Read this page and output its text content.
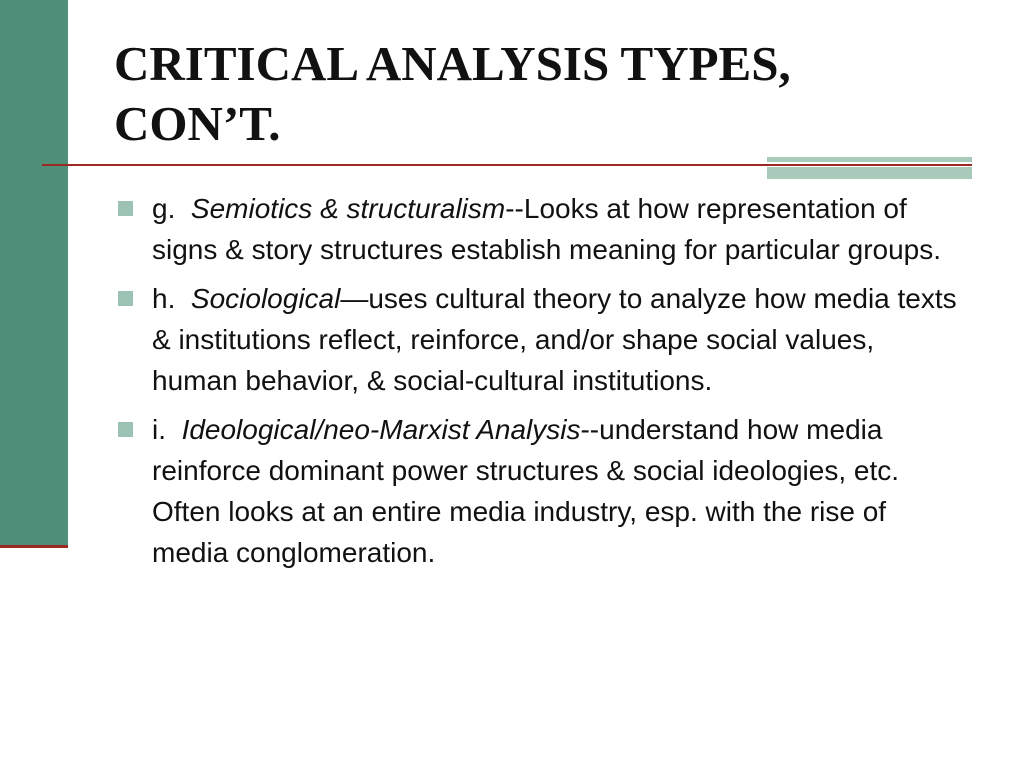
CRITICAL ANALYSIS TYPES,
CON’T.
g. Semiotics & structuralism--Looks at how representation of signs & story structures establish meaning for particular groups.
h. Sociological—uses cultural theory to analyze how media texts & institutions reflect, reinforce, and/or shape social values, human behavior, & social-cultural institutions.
i. Ideological/neo-Marxist Analysis--understand how media reinforce dominant power structures & social ideologies, etc. Often looks at an entire media industry, esp. with the rise of media conglomeration.
